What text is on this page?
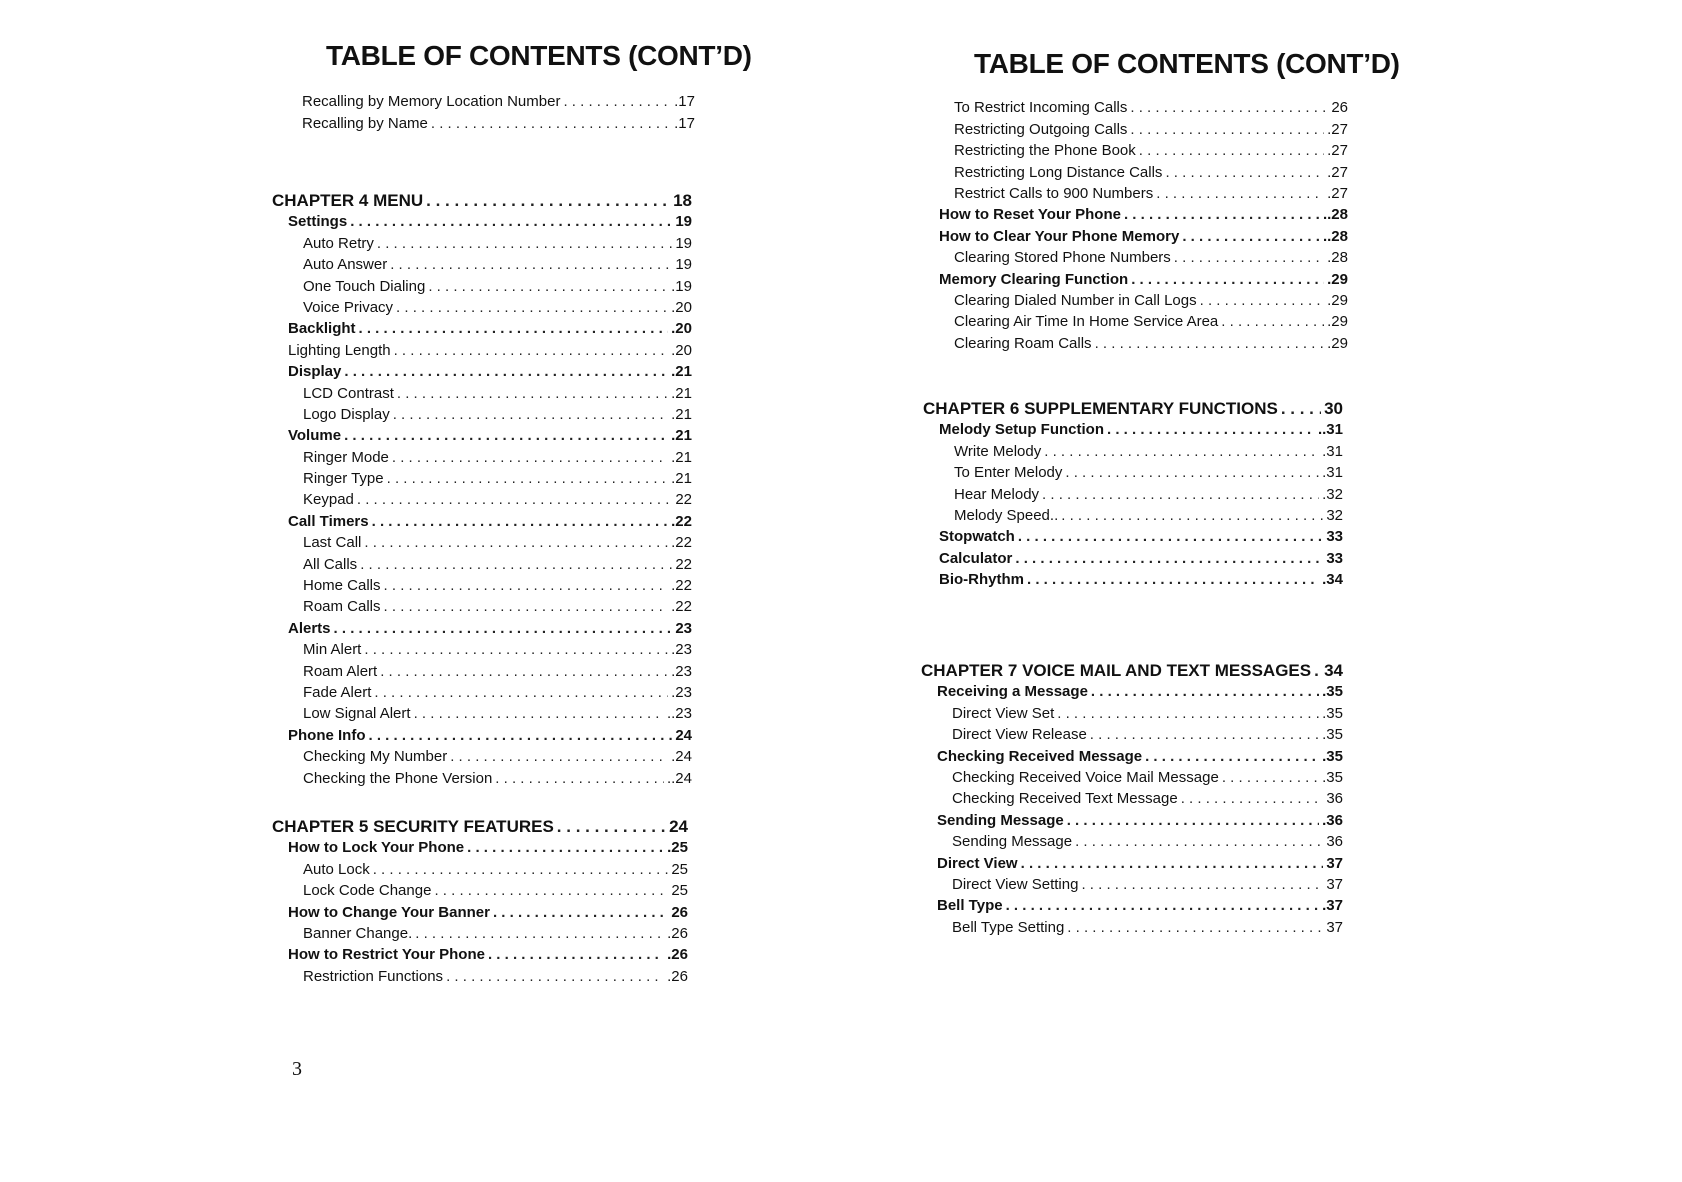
TABLE OF CONTENTS (CONT’D)
Recalling by Memory Location Number . . .	.17
Recalling by Name . . .	.17
CHAPTER 4 MENU . . .	18
Settings . . .	19
Auto Retry . . .	19
Auto Answer . . .	19
One Touch Dialing . . .	.19
Voice Privacy . . .	.20
Backlight . . .	.20
Lighting Length . . .	.20
Display . . .	.21
LCD Contrast . . .	.21
Logo Display . . .	.21
Volume . . .	.21
Ringer Mode . . .	.21
Ringer Type . . .	.21
Keypad . . .	22
Call Timers . . .	.22
Last Call . . .	.22
All Calls . . .	22
Home Calls . . .	.22
Roam Calls . . .	.22
Alerts . . .	23
Min Alert . . .	.23
Roam Alert . . .	.23
Fade Alert . . .	.23
Low Signal Alert . . .	..23
Phone Info . . .	24
Checking My Number . . .	.24
Checking the Phone Version . . .	..24
CHAPTER 5 SECURITY FEATURES . . .	24
How to Lock Your Phone . . .	.25
Auto Lock . . .	25
Lock Code Change . . .	25
How to Change Your Banner . . .	26
Banner Change. . . .	.26
How to Restrict Your Phone . . .	.26
Restriction Functions . . .	.26
3
TABLE OF CONTENTS (CONT’D)
To Restrict Incoming Calls . . .	26
Restricting Outgoing Calls . . .	.27
Restricting the Phone Book . . .	.27
Restricting Long Distance Calls . . .	.27
Restrict Calls to 900 Numbers . . .	.27
How to Reset Your Phone . . .	..28
How to Clear Your Phone Memory . . .	..28
Clearing Stored Phone Numbers . . .	.28
Memory Clearing Function . . .	.29
Clearing Dialed Number in Call Logs . . .	.29
Clearing Air Time In Home Service Area . . .	.29
Clearing Roam Calls . . .	.29
CHAPTER 6 SUPPLEMENTARY FUNCTIONS . . .	30
Melody Setup Function . . .	..31
Write Melody . . .	.31
To Enter Melody . . .	.31
Hear Melody . . .	.32
Melody Speed.. . . .	32
Stopwatch . . .	33
Calculator . . .	33
Bio-Rhythm . . .	.34
CHAPTER 7 VOICE MAIL AND TEXT MESSAGES . . . 34
Receiving a Message . . .	.35
Direct View Set . . .	.35
Direct View Release . . .	.35
Checking Received Message . . .	.35
Checking Received Voice Mail Message . . .	.35
Checking Received Text Message . . .	36
Sending Message . . .	.36
Sending Message . . .	36
Direct View . . .	37
Direct View Setting . . .	37
Bell Type . . .	.37
Bell Type Setting . . .	37
